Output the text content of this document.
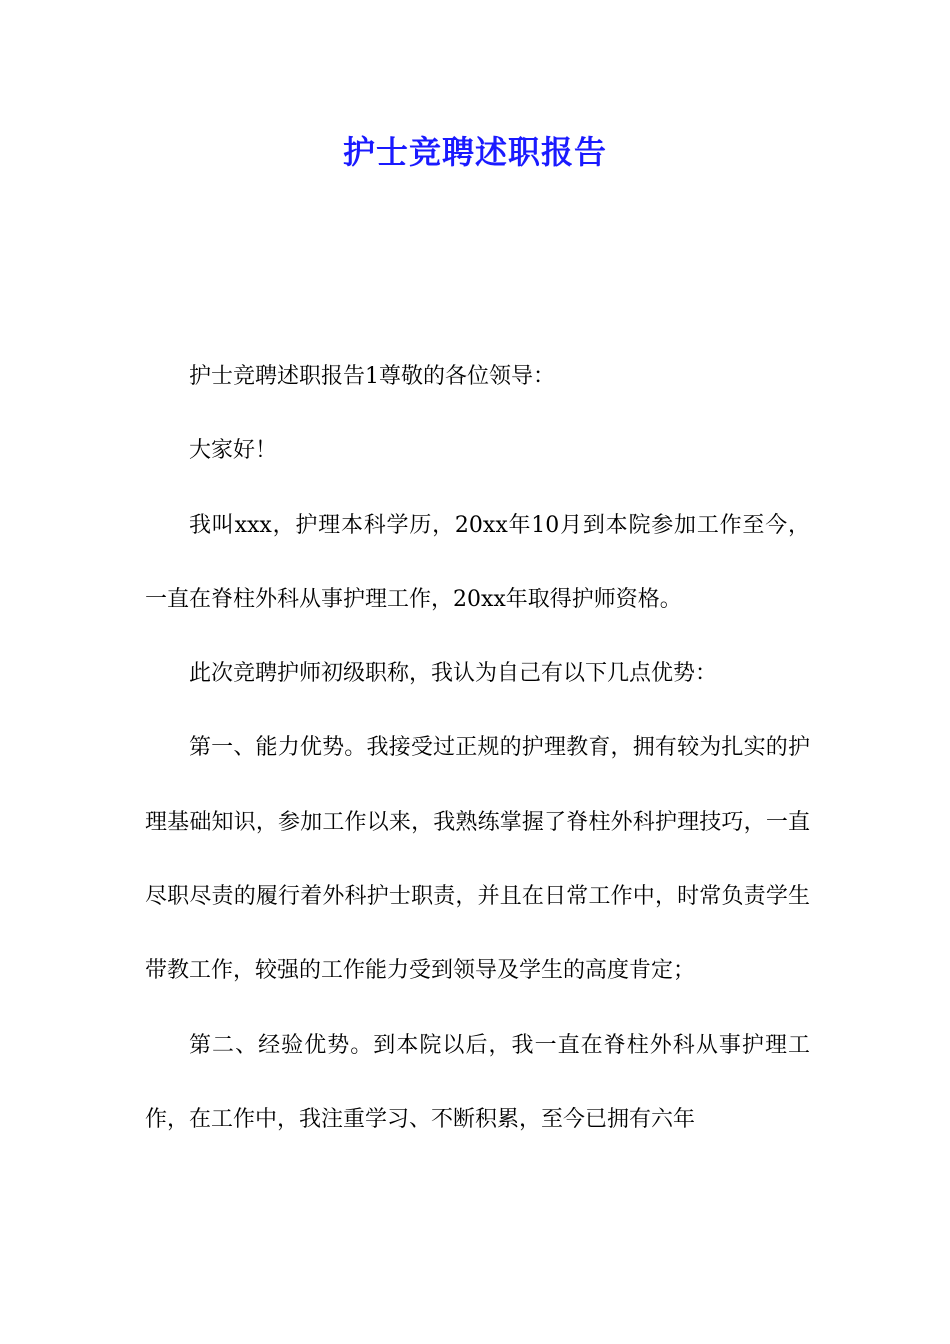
护士竞聘述职报告

护士竞聘述职报告1尊敬的各位领导：

大家好！

我叫xxx，护理本科学历，20xx年10月到本院参加工作至今，一直在脊柱外科从事护理工作，20xx年取得护师资格。

此次竞聘护师初级职称，我认为自己有以下几点优势：

第一、能力优势。我接受过正规的护理教育，拥有较为扎实的护理基础知识，参加工作以来，我熟练掌握了脊柱外科护理技巧，一直尽职尽责的履行着外科护士职责，并且在日常工作中，时常负责学生带教工作，较强的工作能力受到领导及学生的高度肯定；

第二、经验优势。到本院以后，我一直在脊柱外科从事护理工作，在工作中，我注重学习、不断积累，至今已拥有六年
